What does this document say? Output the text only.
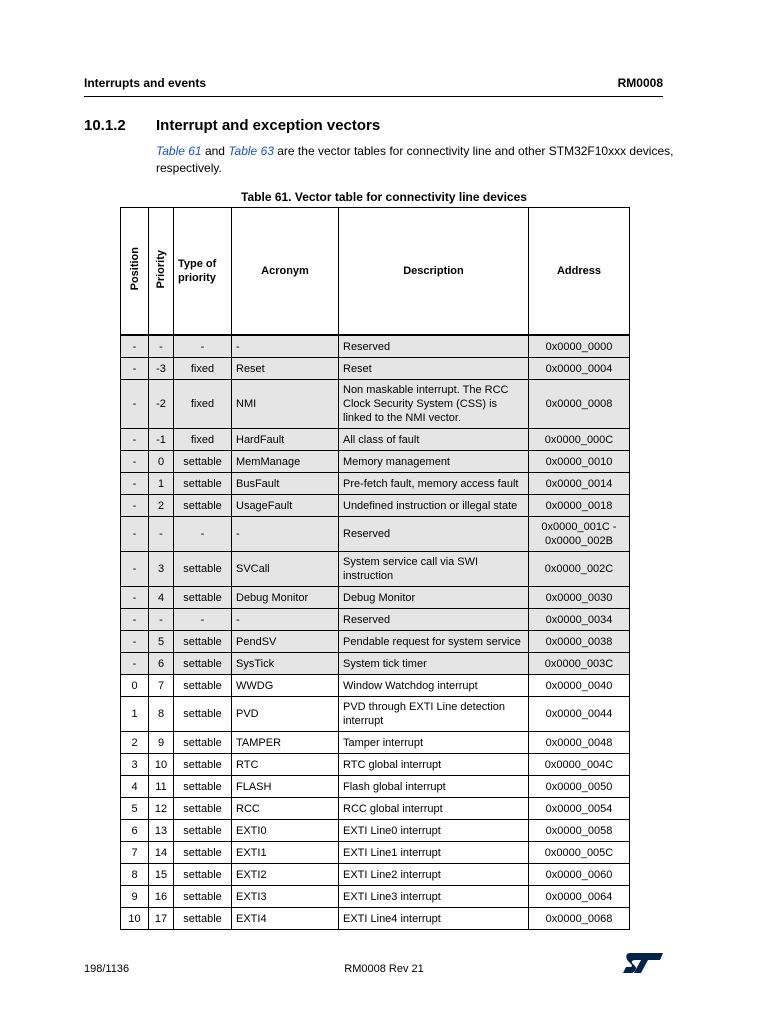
Interrupts and events	RM0008
10.1.2 Interrupt and exception vectors
Table 61 and Table 63 are the vector tables for connectivity line and other STM32F10xxx devices, respectively.
Table 61. Vector table for connectivity line devices
Position	Priority	Type of priority	Acronym	Description	Address
-	-	-	-	Reserved	0x0000_0000
-	-3	fixed	Reset	Reset	0x0000_0004
-	-2	fixed	NMI	Non maskable interrupt. The RCC Clock Security System (CSS) is linked to the NMI vector.	0x0000_0008
-	-1	fixed	HardFault	All class of fault	0x0000_000C
-	0	settable	MemManage	Memory management	0x0000_0010
-	1	settable	BusFault	Pre-fetch fault, memory access fault	0x0000_0014
-	2	settable	UsageFault	Undefined instruction or illegal state	0x0000_0018
-	-	-	-	Reserved	0x0000_001C - 0x0000_002B
-	3	settable	SVCall	System service call via SWI instruction	0x0000_002C
-	4	settable	Debug Monitor	Debug Monitor	0x0000_0030
-	-	-	-	Reserved	0x0000_0034
-	5	settable	PendSV	Pendable request for system service	0x0000_0038
-	6	settable	SysTick	System tick timer	0x0000_003C
0	7	settable	WWDG	Window Watchdog interrupt	0x0000_0040
1	8	settable	PVD	PVD through EXTI Line detection interrupt	0x0000_0044
2	9	settable	TAMPER	Tamper interrupt	0x0000_0048
3	10	settable	RTC	RTC global interrupt	0x0000_004C
4	11	settable	FLASH	Flash global interrupt	0x0000_0050
5	12	settable	RCC	RCC global interrupt	0x0000_0054
6	13	settable	EXTI0	EXTI Line0 interrupt	0x0000_0058
7	14	settable	EXTI1	EXTI Line1 interrupt	0x0000_005C
8	15	settable	EXTI2	EXTI Line2 interrupt	0x0000_0060
9	16	settable	EXTI3	EXTI Line3 interrupt	0x0000_0064
10	17	settable	EXTI4	EXTI Line4 interrupt	0x0000_0068
198/1136	RM0008 Rev 21
